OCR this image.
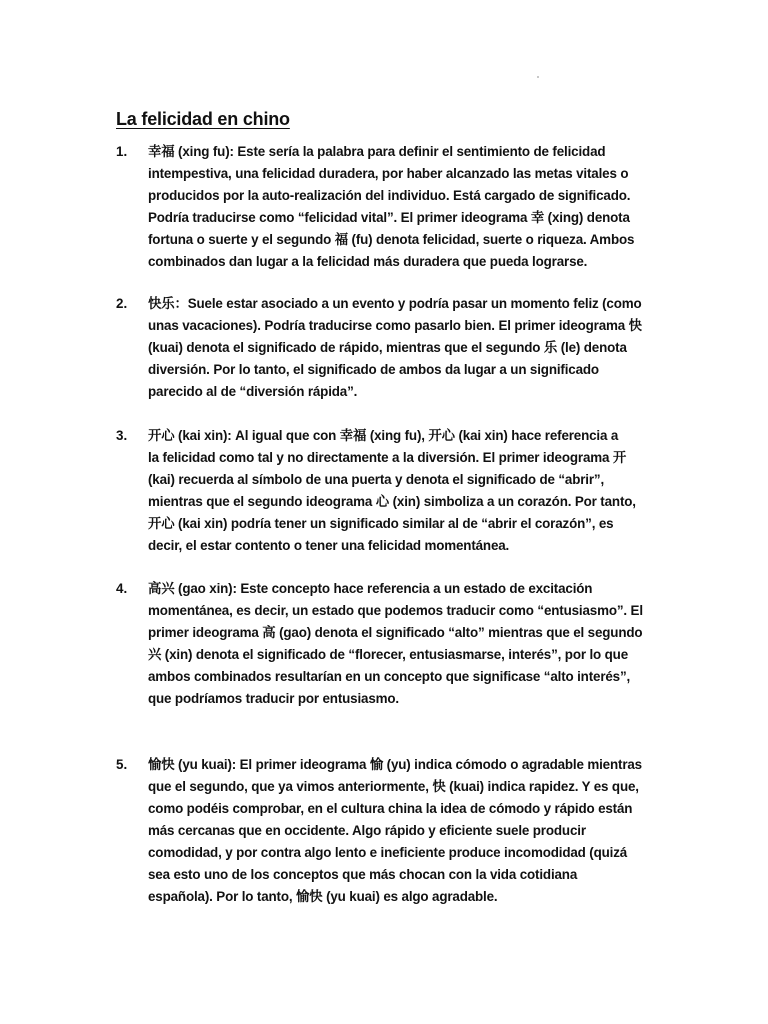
La felicidad en chino
1.	幸福 (xing fu): Este sería la palabra para definir el sentimiento de felicidad
intempestiva, una felicidad duradera, por haber alcanzado las metas vitales o
producidos por la auto-realización del individuo. Está cargado de significado.
Podría traducirse como “felicidad vital”. El primer ideograma 幸 (xing) denota
fortuna o suerte y el segundo 福 (fu) denota felicidad, suerte o riqueza. Ambos
combinados dan lugar a la felicidad más duradera que pueda lograrse.
2.	快乐：Suele estar asociado a un evento y podría pasar un momento feliz (como
unas vacaciones). Podría traducirse como pasarlo bien. El primer ideograma 快
(kuai) denota el significado de rápido, mientras que el segundo 乐 (le) denota
diversión. Por lo tanto, el significado de ambos da lugar a un significado
parecido al de “diversión rápida”.
3.	开心 (kai xin): Al igual que con 幸福 (xing fu), 开心 (kai xin) hace referencia a
la felicidad como tal y no directamente a la diversión. El primer ideograma 开
(kai) recuerda al símbolo de una puerta y denota el significado de “abrir”,
mientras que el segundo ideograma 心 (xin) simboliza a un corazón. Por tanto,
开心 (kai xin) podría tener un significado similar al de “abrir el corazón”, es
decir, el estar contento o tener una felicidad momentánea.
4.	高兴 (gao xin): Este concepto hace referencia a un estado de excitación
momentánea, es decir, un estado que podemos traducir como “entusiasmo”. El
primer ideograma 高 (gao) denota el significado “alto” mientras que el segundo
兴 (xin) denota el significado de “florecer, entusiasmarse, interés”, por lo que
ambos combinados resultarían en un concepto que significase “alto interés”,
que podríamos traducir por entusiasmo.
5.	愉快 (yu kuai): El primer ideograma 愉 (yu) indica cómodo o agradable mientras
que el segundo, que ya vimos anteriormente, 快 (kuai) indica rapidez. Y es que,
como podéis comprobar, en el cultura china la idea de cómodo y rápido están
más cercanas que en occidente. Algo rápido y eficiente suele producir
comodidad, y por contra algo lento e ineficiente produce incomodidad (quizá
sea esto uno de los conceptos que más chocan con la vida cotidiana
española). Por lo tanto, 愉快 (yu kuai) es algo agradable.
